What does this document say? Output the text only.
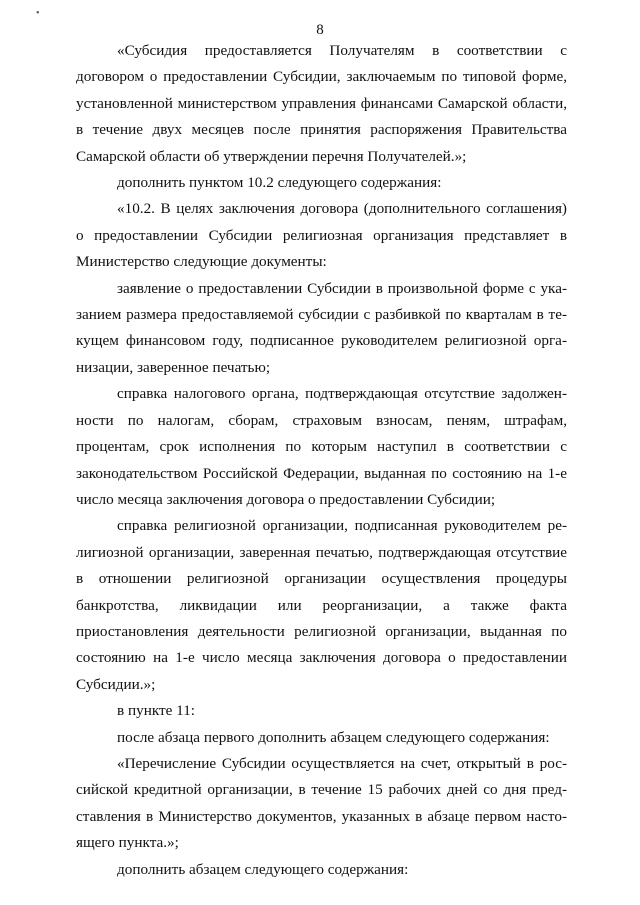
•
8

«Субсидия предоставляется Получателям в соответствии с договором о предоставлении Субсидии, заключаемым по типовой форме, установленной министерством управления финансами Самарской области, в течение двух месяцев после принятия распоряжения Правительства Самарской области об утверждении перечня Получателей.»;

дополнить пунктом 10.2 следующего содержания:

«10.2. В целях заключения договора (дополнительного соглашения) о предоставлении Субсидии религиозная организация представляет в Министерство следующие документы:

заявление о предоставлении Субсидии в произвольной форме с указанием размера предоставляемой субсидии с разбивкой по кварталам в текущем финансовом году, подписанное руководителем религиозной организации, заверенное печатью;

справка налогового органа, подтверждающая отсутствие задолженности по налогам, сборам, страховым взносам, пеням, штрафам, процентам, срок исполнения по которым наступил в соответствии с законодательством Российской Федерации, выданная по состоянию на 1-е число месяца заключения договора о предоставлении Субсидии;

справка религиозной организации, подписанная руководителем религиозной организации, заверенная печатью, подтверждающая отсутствие в отношении религиозной организации осуществления процедуры банкротства, ликвидации или реорганизации, а также факта приостановления деятельности религиозной организации, выданная по состоянию на 1-е число месяца заключения договора о предоставлении Субсидии.»;

в пункте 11:

после абзаца первого дополнить абзацем следующего содержания:

«Перечисление Субсидии осуществляется на счет, открытый в российской кредитной организации, в течение 15 рабочих дней со дня представления в Министерство документов, указанных в абзаце первом настоящего пункта.»;

дополнить абзацем следующего содержания:
